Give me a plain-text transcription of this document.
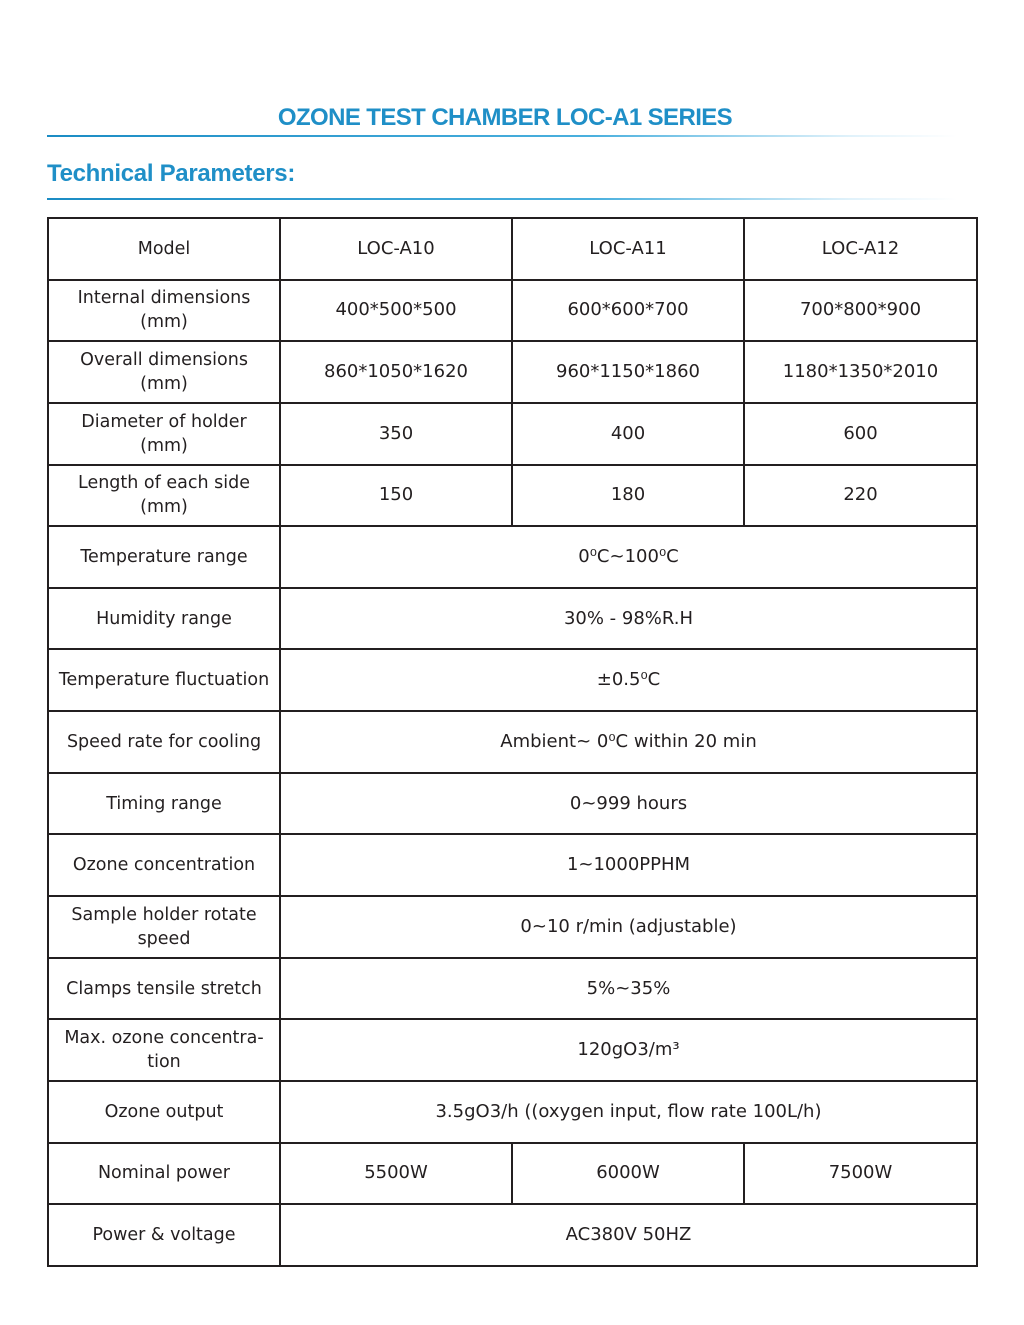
OZONE TEST CHAMBER LOC-A1 SERIES
Technical Parameters:
Model	LOC-A10	LOC-A11	LOC-A12
Internal dimensions (mm)	400*500*500	600*600*700	700*800*900
Overall dimensions (mm)	860*1050*1620	960*1150*1860	1180*1350*2010
Diameter of holder (mm)	350	400	600
Length of each side (mm)	150	180	220
Temperature range	0⁰C~100⁰C		
Humidity range	30% - 98%R.H		
Temperature fluctuation	±0.5⁰C		
Speed rate for cooling	Ambient~ 0⁰C within 20 min		
Timing range	0~999 hours		
Ozone concentration	1~1000PPHM		
Sample holder rotate speed	0~10 r/min (adjustable)		
Clamps tensile stretch	5%~35%		
Max. ozone concentra- tion	120gO3/m³		
Ozone output	3.5gO3/h ((oxygen input, flow rate 100L/h)		
Nominal power	5500W	6000W	7500W
Power & voltage	AC380V 50HZ		
